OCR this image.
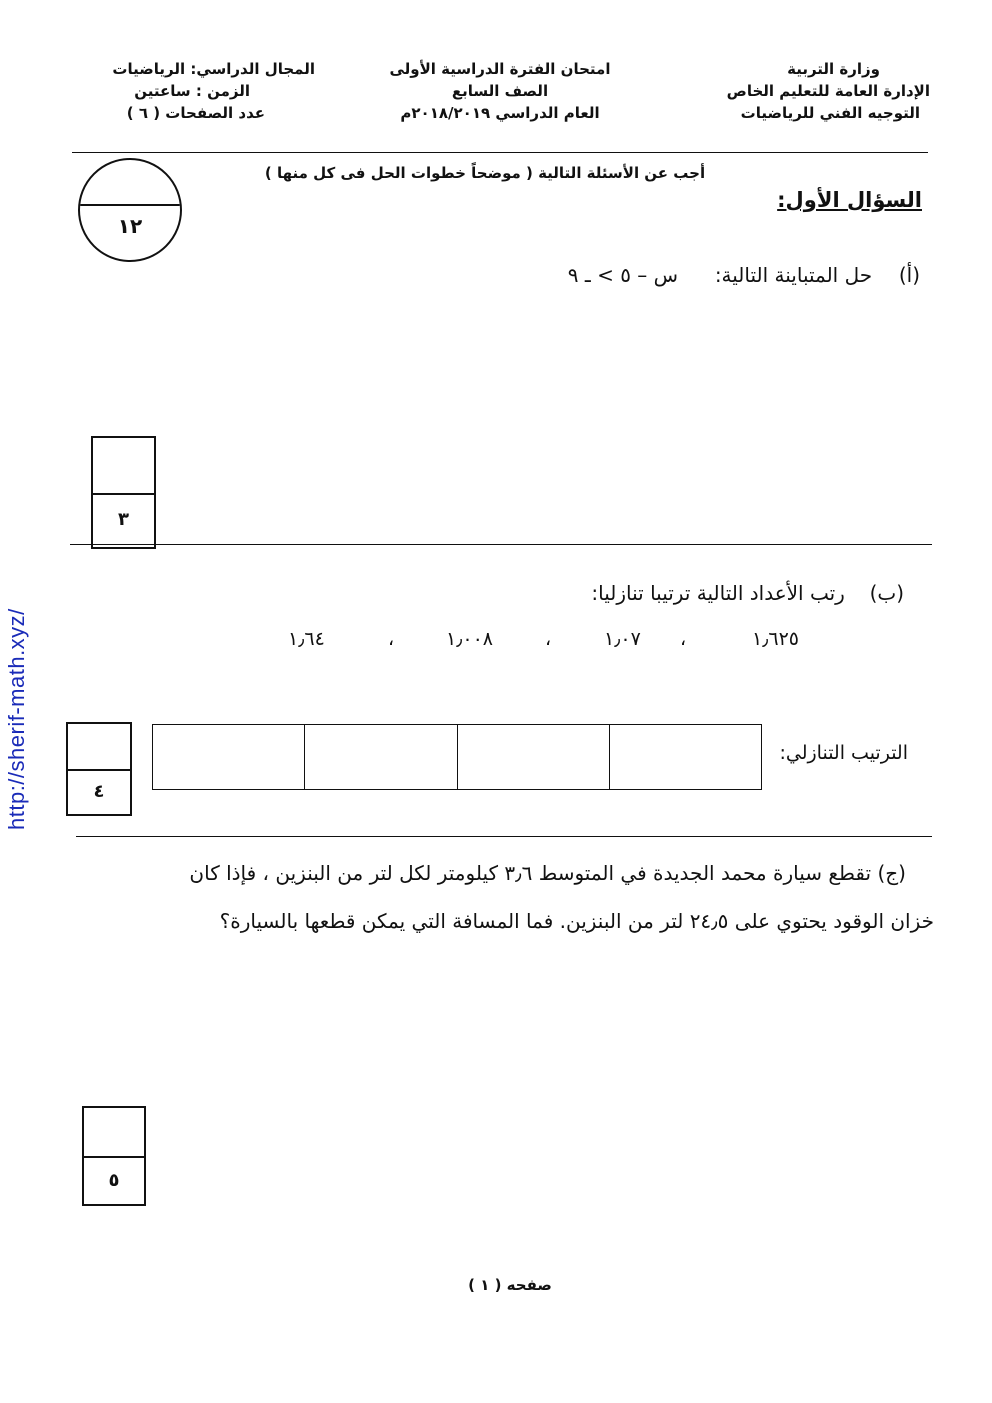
http://sherif-math.xyz/
وزارة التربية
الإدارة العامة للتعليم الخاص
التوجيه الفني للرياضيات
امتحان الفترة الدراسية الأولى
الصف السابع
العام الدراسي ٢٠١٨/٢٠١٩م
المجال الدراسي: الرياضيات
الزمن : ساعتين
عدد الصفحات ( ٦ )
أجب عن الأسئلة التالية ( موضحاً خطوات الحل فى كل منها )
١٢
السؤال الأول:
(أ)  حل المتباينة التالية:  س – ٥ > ـ ٩
٣
(ب)  رتب الأعداد التالية ترتيبا تنازليا:
١٫٦٢٥
،
١٫٠٧
،
١٫٠٠٨
،
١٫٦٤
الترتيب التنازلي:
٤
(ج) تقطع سيارة محمد الجديدة في المتوسط ٣٫٦ كيلومتر لكل لتر من البنزين ، فإذا كان
خزان الوقود يحتوي على ٢٤٫٥ لتر من البنزين. فما المسافة التي يمكن قطعها بالسيارة؟
٥
صفحه ( ١ )
